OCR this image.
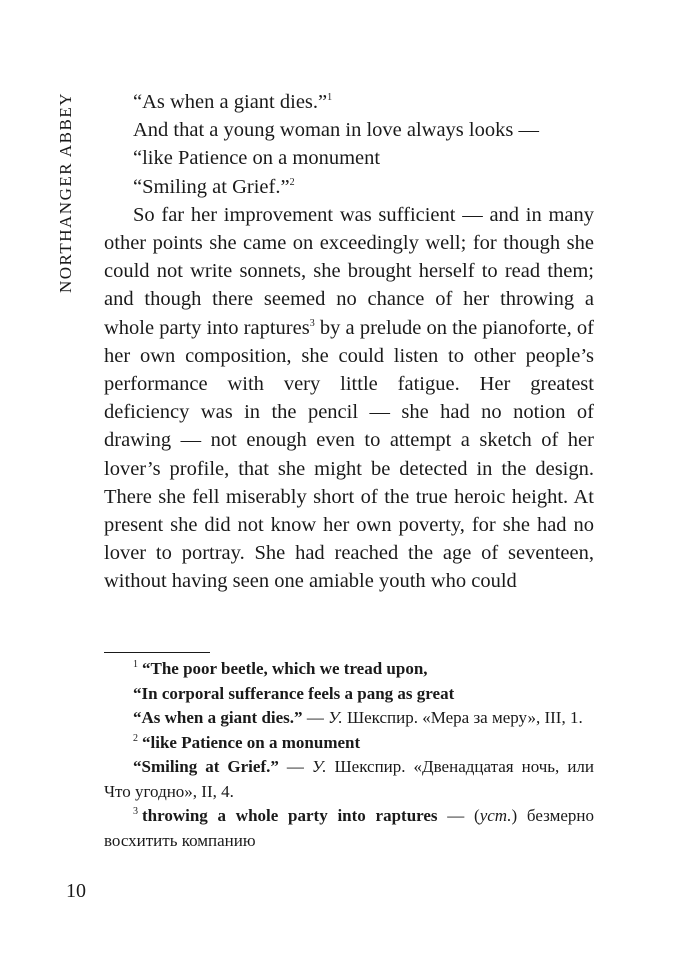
NORTHANGER ABBEY	“As when a giant dies.”$^1$

And that a young woman in love always looks —

“like Patience on a monument

“Smiling at Grief.”$^2$

So far her improvement was sufficient — and in many other points she came on exceedingly well; for though she could not write sonnets, she brought herself to read them; and though there seemed no chance of her throwing a whole party into raptures$^3$ by a prelude on the pianoforte, of her own composition, she could listen to other people’s performance with very little fatigue. Her greatest deficiency was in the pencil — she had no notion of drawing — not enough even to attempt a sketch of her lover’s profile, that she might be detected in the design. There she fell miserably short of the true heroic height. At present she did not know her own poverty, for she had no lover to portray. She had reached the age of seventeen, without having seen one amiable youth who could

$^1$ “The poor beetle, which we tread upon,

“In corporal sufferance feels a pang as great

“As when a giant dies.” — У. Шекспир. «Мера за меру», III, 1.

$^2$ “like Patience on a monument

“Smiling at Grief.” — У. Шекспир. «Двенадцатая ночь, или Что угодно», II, 4.

$^3$ throwing a whole party into raptures — (уст.) безмерно восхитить компанию

10
